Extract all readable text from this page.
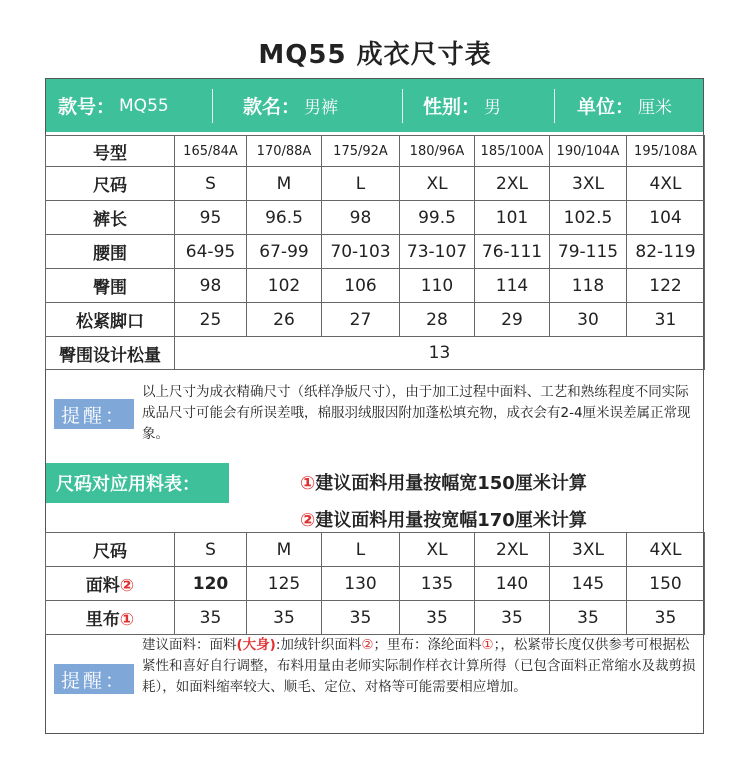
MQ55 成衣尺寸表
款号： MQ55	款名： 男裤	性别： 男	单位： 厘米
号型	165/84A	170/88A	175/92A	180/96A	185/100A	190/104A	195/108A
尺码	S	M	L	XL	2XL	3XL	4XL
裤长	95	96.5	98	99.5	101	102.5	104
腰围	64-95	67-99	70-103	73-107	76-111	79-115	82-119
臀围	98	102	106	110	114	118	122
松紧脚口	25	26	27	28	29	30	31
臀围设计松量	13						
提醒：
以上尺寸为成衣精确尺寸（纸样净版尺寸），由于加工过程中面料、工艺和熟练程度不同实际成品尺寸可能会有所误差哦，棉服羽绒服因附加蓬松填充物，成衣会有2-4厘米误差属正常现象。
尺码对应用料表：	①建议面料用量按幅宽150厘米计算
②建议面料用量按宽幅170厘米计算
尺码	S	M	L	XL	2XL	3XL	4XL
面料②	120	125	130	135	140	145	150
里布①	35	35	35	35	35	35	35
提醒：
建议面料：面料(大身):加绒针织面料②；里布：涤纶面料①；，松紧带长度仅供参考可根据松紧性和喜好自行调整，布料用量由老师实际制作样衣计算所得（已包含面料正常缩水及裁剪损耗），如面料缩率较大、顺毛、定位、对格等可能需要相应增加。
